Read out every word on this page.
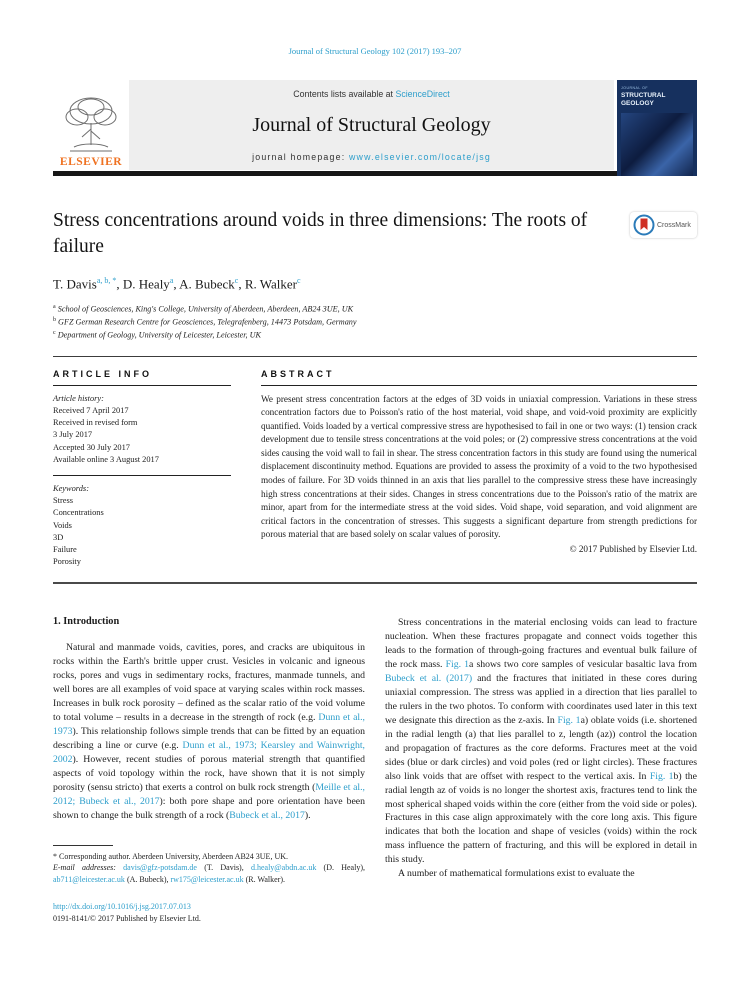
Journal of Structural Geology 102 (2017) 193–207
ELSEVIER
Contents lists available at ScienceDirect
Journal of Structural Geology
journal homepage: www.elsevier.com/locate/jsg
JOURNAL OF
STRUCTURAL GEOLOGY
Stress concentrations around voids in three dimensions: The roots of failure
CrossMark
T. Davis$^{a, b, *}$, D. Healy$^a$, A. Bubeck$^c$, R. Walker$^c$
$^a$ School of Geosciences, King's College, University of Aberdeen, Aberdeen, AB24 3UE, UK
$^b$ GFZ German Research Centre for Geosciences, Telegrafenberg, 14473 Potsdam, Germany
$^c$ Department of Geology, University of Leicester, Leicester, UK
ARTICLE INFO
Article history:
Received 7 April 2017
Received in revised form
3 July 2017
Accepted 30 July 2017
Available online 3 August 2017
Keywords:
Stress
Concentrations
Voids
3D
Failure
Porosity
ABSTRACT

We present stress concentration factors at the edges of 3D voids in uniaxial compression. Variations in these stress concentration factors due to Poisson's ratio of the host material, void shape, and void-void proximity are explicitly quantified. Voids loaded by a vertical compressive stress are hypothesised to fail in one or two ways: (1) tension crack development due to tensile stress concentrations at the void poles; or (2) compressive stress concentrations at the void sides causing the void wall to fail in shear. The stress concentration factors in this study are found using the numerical displacement discontinuity method. Equations are provided to assess the proximity of a void to the two hypothesised modes of failure. For 3D voids thinned in an axis that lies parallel to the compressive stress these have increasingly high stress concentrations at their sides. Changes in stress concentrations due to the Poisson's ratio of the matrix are minor, apart from for the intermediate stress at the void sides. Void shape, void separation, and void alignment are critical factors in the concentration of stresses. This suggests a significant departure from strength predictions for porous material that are based solely on scalar values of porosity.

© 2017 Published by Elsevier Ltd.
1. Introduction

Natural and manmade voids, cavities, pores, and cracks are ubiquitous in rocks within the Earth's brittle upper crust. Vesicles in volcanic and igneous rocks, pores and vugs in sedimentary rocks, fractures, manmade tunnels, and well bores are all examples of void space at varying scales within rock masses. Increases in bulk rock porosity – defined as the scalar ratio of the void volume to total volume – results in a decrease in the strength of rock (e.g. Dunn et al., 1973). This relationship follows simple trends that can be fitted by an equation describing a line or curve (e.g. Dunn et al., 1973; Kearsley and Wainwright, 2002). However, recent studies of porous material strength that quantified aspects of void topology within the rock, have shown that it is not simply porosity (sensu stricto) that exerts a control on bulk rock strength (Meille et al., 2012; Bubeck et al., 2017): both pore shape and pore orientation have been shown to change the bulk strength of a rock (Bubeck et al., 2017).

* Corresponding author. Aberdeen University, Aberdeen AB24 3UE, UK.

E-mail addresses: davis@gfz-potsdam.de (T. Davis), d.healy@abdn.ac.uk (D. Healy), ab711@leicester.ac.uk (A. Bubeck), rw175@leicester.ac.uk (R. Walker).

http://dx.doi.org/10.1016/j.jsg.2017.07.013
0191-8141/© 2017 Published by Elsevier Ltd.

Stress concentrations in the material enclosing voids can lead to fracture nucleation. When these fractures propagate and connect voids together this leads to the formation of through-going fractures and eventual bulk failure of the rock mass. Fig. 1a shows two core samples of vesicular basaltic lava from Bubeck et al. (2017) and the fractures that initiated in these cores during uniaxial compression. The stress was applied in a direction that lies parallel to the rulers in the two photos. To conform with coordinates used later in this text we designate this direction as the z-axis. In Fig. 1a) oblate voids (i.e. shortened in the radial length (a) that lies parallel to z, length (az)) control the location and propagation of fractures as the core deforms. Fractures meet at the void sides (blue or dark circles) and void poles (red or light circles). These fractures also link voids that are offset with respect to the vertical axis. In Fig. 1b) the radial length az of voids is no longer the shortest axis, fractures tend to link the most spherical shaped voids within the core (either from the void side or poles). Fractures in this case align approximately with the core long axis. This figure indicates that both the location and shape of vesicles (voids) within the rock mass influence the pattern of fracturing, and this will be explored in detail in this study.

A number of mathematical formulations exist to evaluate the
